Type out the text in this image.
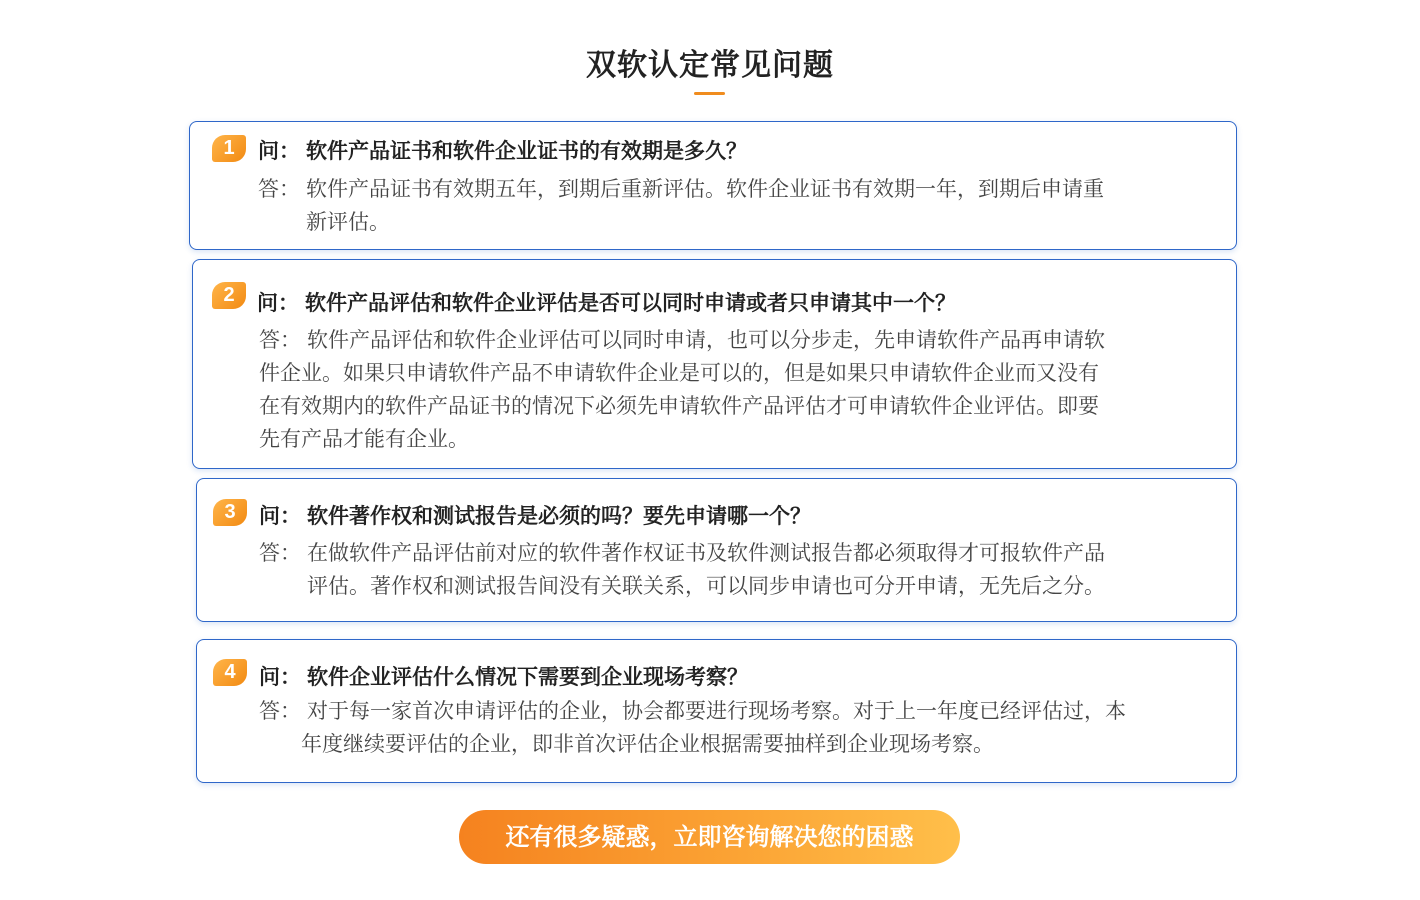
双软认定常见问题
1	问： 软件产品证书和软件企业证书的有效期是多久？
答： 软件产品证书有效期五年，到期后重新评估。软件企业证书有效期一年，到期后申请重
新评估。
2	问： 软件产品评估和软件企业评估是否可以同时申请或者只申请其中一个？
答： 软件产品评估和软件企业评估可以同时申请，也可以分步走，先申请软件产品再申请软
件企业。如果只申请软件产品不申请软件企业是可以的，但是如果只申请软件企业而又没有
在有效期内的软件产品证书的情况下必须先申请软件产品评估才可申请软件企业评估。即要
先有产品才能有企业。
3	问： 软件著作权和测试报告是必须的吗？要先申请哪一个？
答： 在做软件产品评估前对应的软件著作权证书及软件测试报告都必须取得才可报软件产品
评估。著作权和测试报告间没有关联关系，可以同步申请也可分开申请，无先后之分。
4	问： 软件企业评估什么情况下需要到企业现场考察？
答： 对于每一家首次申请评估的企业，协会都要进行现场考察。对于上一年度已经评估过，本
年度继续要评估的企业，即非首次评估企业根据需要抽样到企业现场考察。
还有很多疑惑，立即咨询解决您的困惑
